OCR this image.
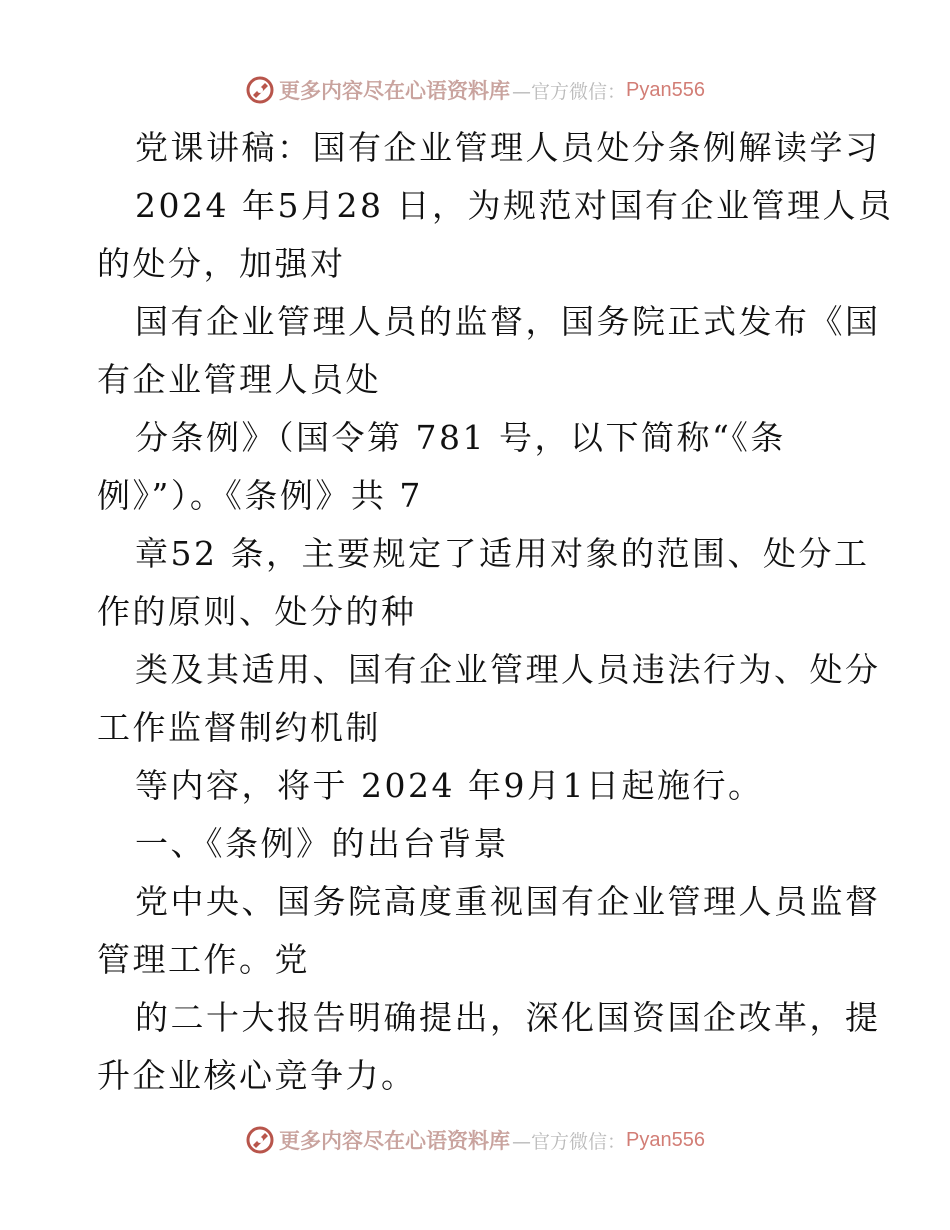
更多内容尽在心语资料库 —官方微信： Pyan556
党课讲稿：国有企业管理人员处分条例解读学习
2024 年5月28 日，为规范对国有企业管理人员
的处分，加强对
国有企业管理人员的监督，国务院正式发布《国
有企业管理人员处
分条例》（国令第 781 号，以下简称“《条
例》”）。《条例》共 7
章52 条，主要规定了适用对象的范围、处分工
作的原则、处分的种
类及其适用、国有企业管理人员违法行为、处分
工作监督制约机制
等内容，将于 2024 年9月1日起施行。
一、《条例》的出台背景
党中央、国务院高度重视国有企业管理人员监督
管理工作。党
的二十大报告明确提出，深化国资国企改革，提
升企业核心竞争力。
更多内容尽在心语资料库 —官方微信： Pyan556
